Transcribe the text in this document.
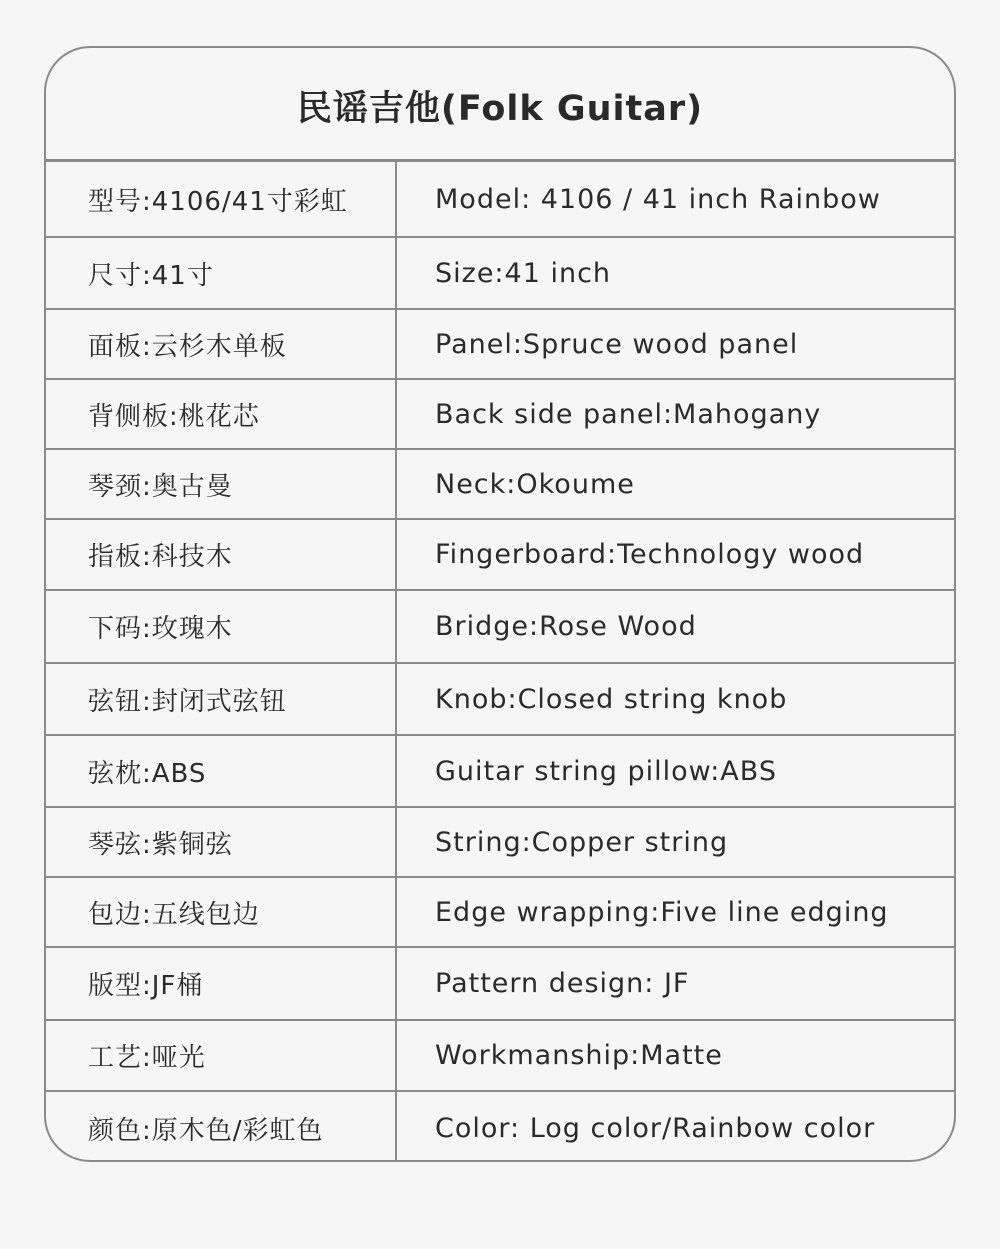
民谣吉他(Folk Guitar)
型号:4106/41寸彩虹	Model: 4106 / 41 inch Rainbow
尺寸:41寸	Size:41 inch
面板:云杉木单板	Panel:Spruce wood panel
背侧板:桃花芯	Back side panel:Mahogany
琴颈:奥古曼	Neck:Okoume
指板:科技木	Fingerboard:Technology wood
下码:玫瑰木	Bridge:Rose Wood
弦钮:封闭式弦钮	Knob:Closed string knob
弦枕:ABS	Guitar string pillow:ABS
琴弦:紫铜弦	String:Copper string
包边:五线包边	Edge wrapping:Five line edging
版型:JF桶	Pattern design: JF
工艺:哑光	Workmanship:Matte
颜色:原木色/彩虹色	Color: Log color/Rainbow color
